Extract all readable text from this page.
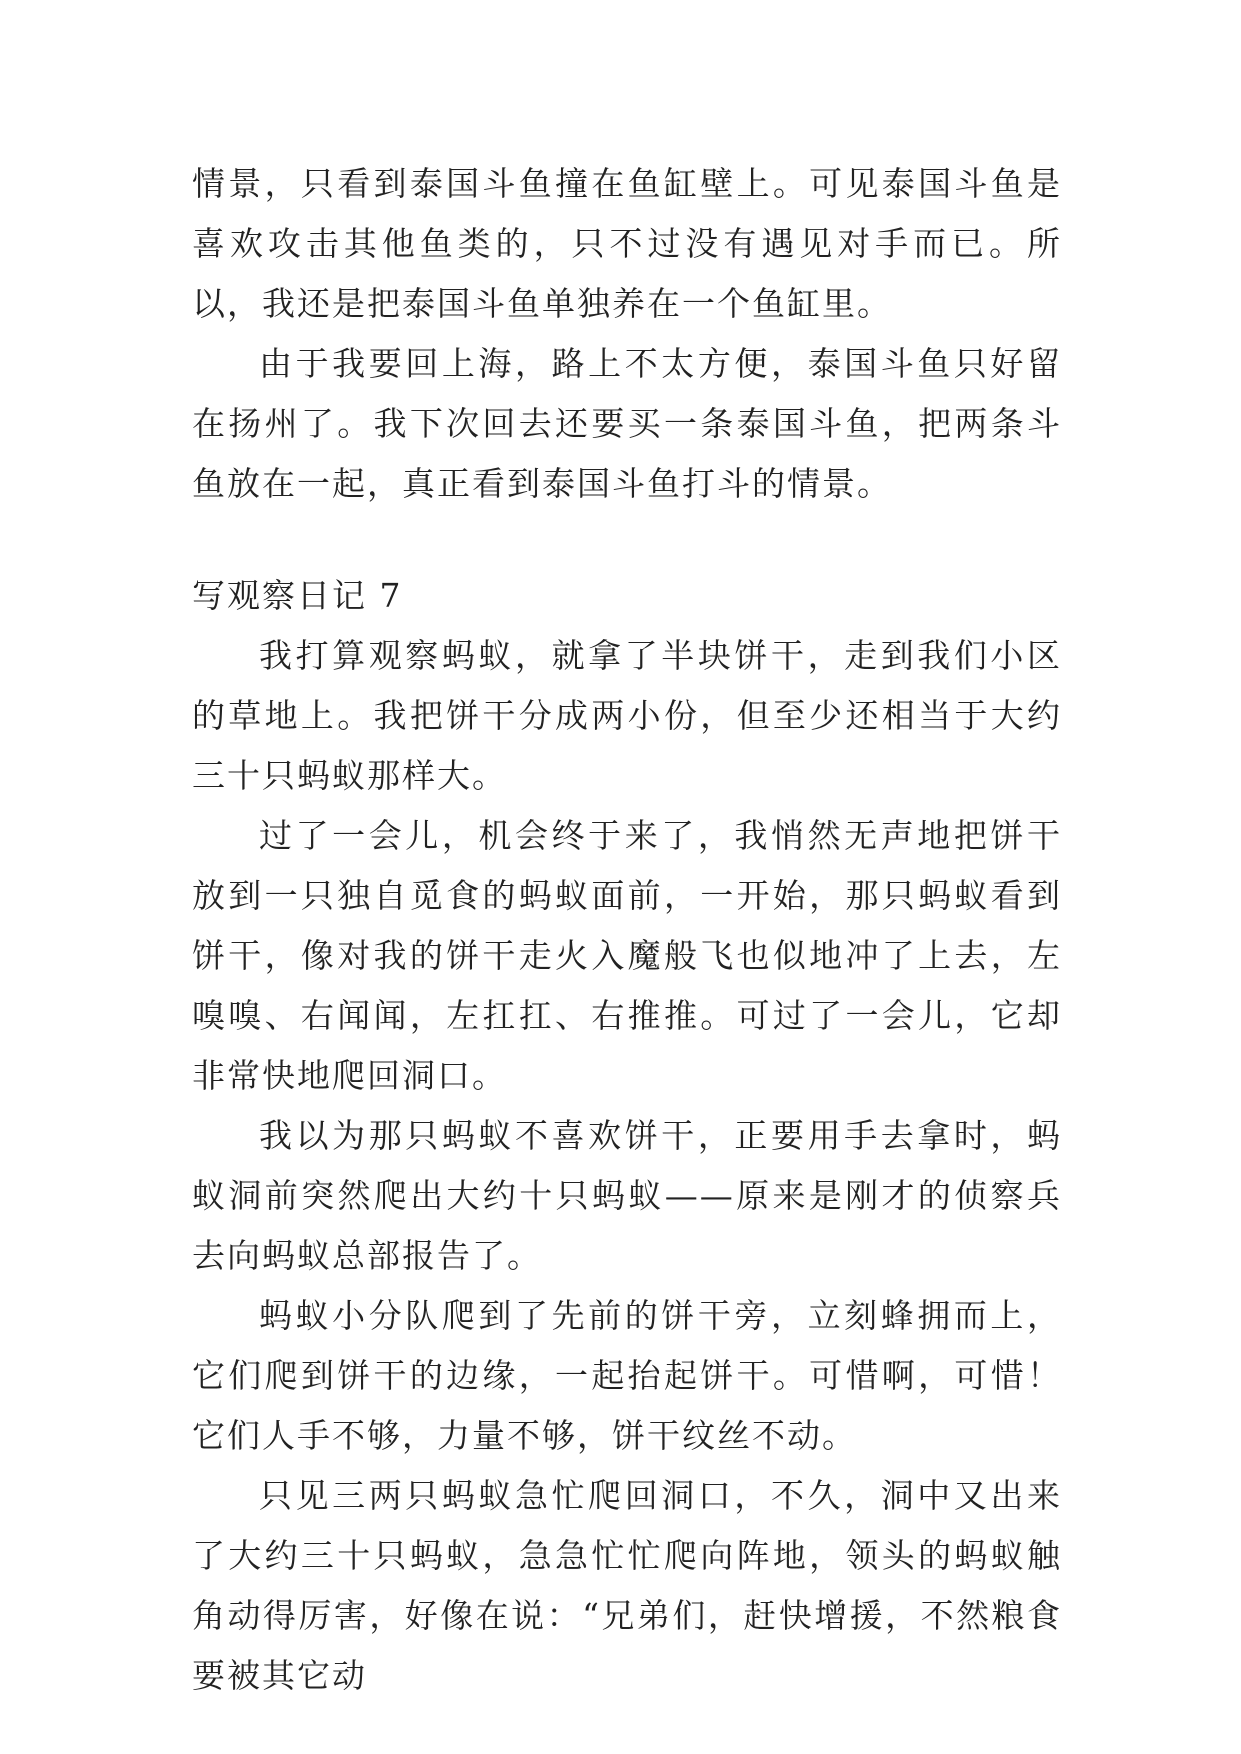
情景，只看到泰国斗鱼撞在鱼缸壁上。可见泰国斗鱼是喜欢攻击其他鱼类的，只不过没有遇见对手而已。所以，我还是把泰国斗鱼单独养在一个鱼缸里。

由于我要回上海，路上不太方便，泰国斗鱼只好留在扬州了。我下次回去还要买一条泰国斗鱼，把两条斗鱼放在一起，真正看到泰国斗鱼打斗的情景。

写观察日记 7

我打算观察蚂蚁，就拿了半块饼干，走到我们小区的草地上。我把饼干分成两小份，但至少还相当于大约三十只蚂蚁那样大。

过了一会儿，机会终于来了，我悄然无声地把饼干放到一只独自觅食的蚂蚁面前，一开始，那只蚂蚁看到饼干，像对我的饼干走火入魔般飞也似地冲了上去，左嗅嗅、右闻闻，左扛扛、右推推。可过了一会儿，它却非常快地爬回洞口。

我以为那只蚂蚁不喜欢饼干，正要用手去拿时，蚂蚁洞前突然爬出大约十只蚂蚁——原来是刚才的侦察兵去向蚂蚁总部报告了。

蚂蚁小分队爬到了先前的饼干旁，立刻蜂拥而上，它们爬到饼干的边缘，一起抬起饼干。可惜啊，可惜！它们人手不够，力量不够，饼干纹丝不动。

只见三两只蚂蚁急忙爬回洞口，不久，洞中又出来了大约三十只蚂蚁，急急忙忙爬向阵地，领头的蚂蚁触角动得厉害，好像在说：“兄弟们，赶快增援，不然粮食要被其它动
